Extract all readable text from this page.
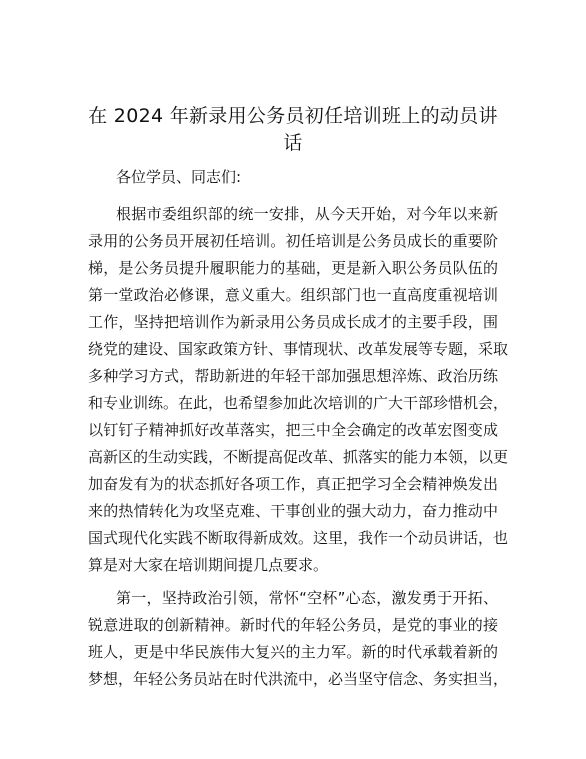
在 2024 年新录用公务员初任培训班上的动员讲
话
各位学员、同志们:
根据市委组织部的统一安排，从今天开始，对今年以来新
录用的公务员开展初任培训。初任培训是公务员成长的重要阶
梯，是公务员提升履职能力的基础，更是新入职公务员队伍的
第一堂政治必修课，意义重大。组织部门也一直高度重视培训
工作，坚持把培训作为新录用公务员成长成才的主要手段，围
绕党的建设、国家政策方针、事情现状、改革发展等专题，采取
多种学习方式，帮助新进的年轻干部加强思想淬炼、政治历练
和专业训练。在此，也希望参加此次培训的广大干部珍惜机会，
以钉钉子精神抓好改革落实，把三中全会确定的改革宏图变成
高新区的生动实践，不断提高促改革、抓落实的能力本领，以更
加奋发有为的状态抓好各项工作，真正把学习全会精神焕发出
来的热情转化为攻坚克难、干事创业的强大动力，奋力推动中
国式现代化实践不断取得新成效。这里，我作一个动员讲话，也
算是对大家在培训期间提几点要求。
第一，坚持政治引领，常怀“空杯”心态，激发勇于开拓、
锐意进取的创新精神。新时代的年轻公务员，是党的事业的接
班人，更是中华民族伟大复兴的主力军。新的时代承载着新的
梦想，年轻公务员站在时代洪流中，必当坚守信念、务实担当，
